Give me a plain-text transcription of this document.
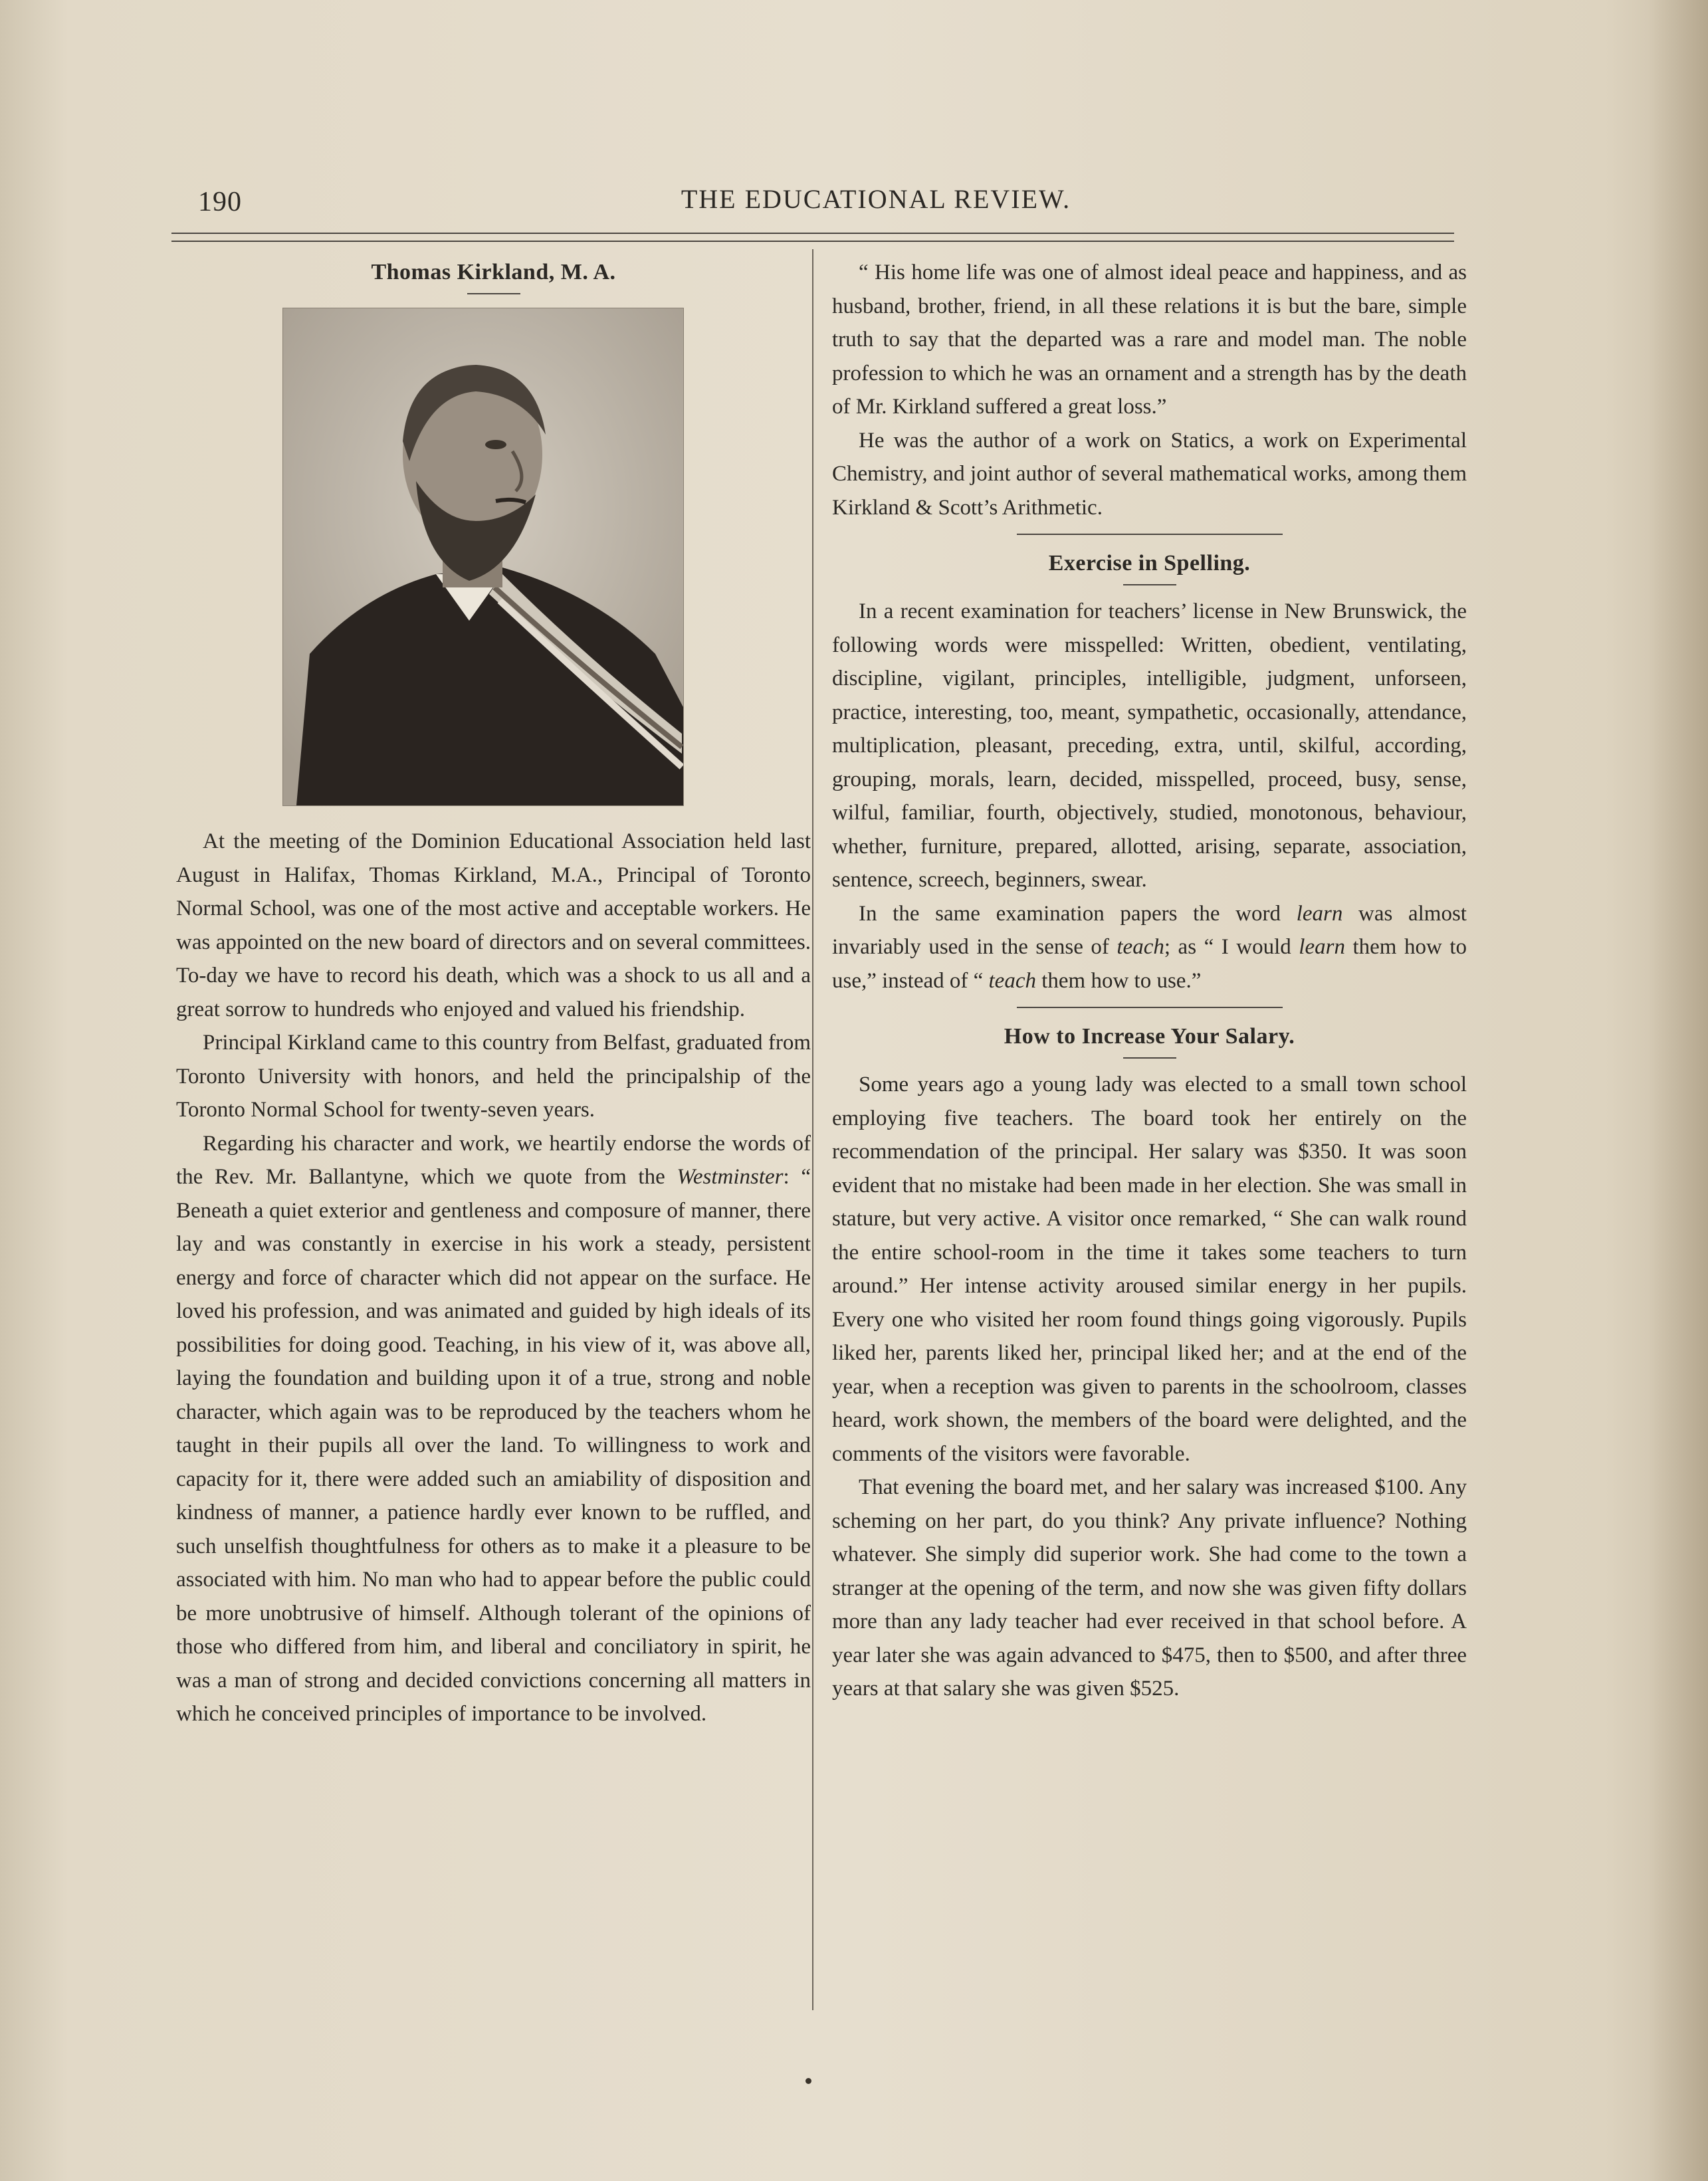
190	THE EDUCATIONAL REVIEW.
Thomas Kirkland, M. A.

At the meeting of the Dominion Educational Association held last August in Halifax, Thomas Kirkland, M.A., Principal of Toronto Normal School, was one of the most active and acceptable workers. He was appointed on the new board of directors and on several committees. To-day we have to record his death, which was a shock to us all and a great sorrow to hundreds who enjoyed and valued his friendship.

Principal Kirkland came to this country from Belfast, graduated from Toronto University with honors, and held the principalship of the Toronto Normal School for twenty-seven years.

Regarding his character and work, we heartily endorse the words of the Rev. Mr. Ballantyne, which we quote from the Westminster: “ Beneath a quiet exterior and gentleness and composure of manner, there lay and was constantly in exercise in his work a steady, persistent energy and force of character which did not appear on the surface. He loved his profession, and was animated and guided by high ideals of its possibilities for doing good. Teaching, in his view of it, was above all, laying the foundation and building upon it of a true, strong and noble character, which again was to be reproduced by the teachers whom he taught in their pupils all over the land. To willingness to work and capacity for it, there were added such an amiability of disposition and kindness of manner, a patience hardly ever known to be ruffled, and such unselfish thoughtfulness for others as to make it a pleasure to be associated with him. No man who had to appear before the public could be more unobtrusive of himself. Although tolerant of the opinions of those who differed from him, and liberal and conciliatory in spirit, he was a man of strong and decided convictions concerning all matters in which he conceived principles of importance to be involved.

“ His home life was one of almost ideal peace and happiness, and as husband, brother, friend, in all these relations it is but the bare, simple truth to say that the departed was a rare and model man. The noble profession to which he was an ornament and a strength has by the death of Mr. Kirkland suffered a great loss.”

He was the author of a work on Statics, a work on Experimental Chemistry, and joint author of several mathematical works, among them Kirkland & Scott’s Arithmetic.

Exercise in Spelling.

In a recent examination for teachers’ license in New Brunswick, the following words were misspelled: Written, obedient, ventilating, discipline, vigilant, principles, intelligible, judgment, unforseen, practice, interesting, too, meant, sympathetic, occasionally, attendance, multiplication, pleasant, preceding, extra, until, skilful, according, grouping, morals, learn, decided, misspelled, proceed, busy, sense, wilful, familiar, fourth, objectively, studied, monotonous, behaviour, whether, furniture, prepared, allotted, arising, separate, association, sentence, screech, beginners, swear.

In the same examination papers the word learn was almost invariably used in the sense of teach; as “ I would learn them how to use,” instead of “ teach them how to use.”

How to Increase Your Salary.

Some years ago a young lady was elected to a small town school employing five teachers. The board took her entirely on the recommendation of the principal. Her salary was $350. It was soon evident that no mistake had been made in her election. She was small in stature, but very active. A visitor once remarked, “ She can walk round the entire school-room in the time it takes some teachers to turn around.” Her intense activity aroused similar energy in her pupils. Every one who visited her room found things going vigorously. Pupils liked her, parents liked her, principal liked her; and at the end of the year, when a reception was given to parents in the schoolroom, classes heard, work shown, the members of the board were delighted, and the comments of the visitors were favorable.

That evening the board met, and her salary was increased $100. Any scheming on her part, do you think? Any private influence? Nothing whatever. She simply did superior work. She had come to the town a stranger at the opening of the term, and now she was given fifty dollars more than any lady teacher had ever received in that school before. A year later she was again advanced to $475, then to $500, and after three years at that salary she was given $525.
